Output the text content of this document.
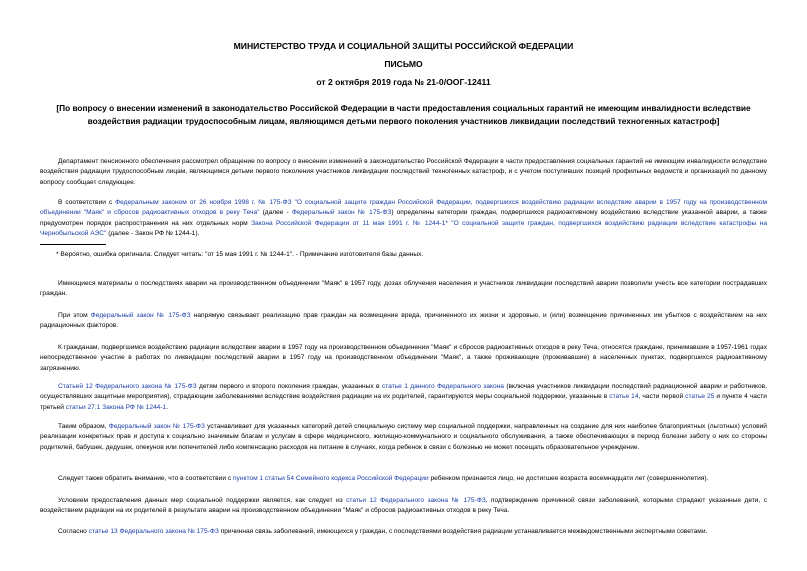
МИНИСТЕРСТВО ТРУДА И СОЦИАЛЬНОЙ ЗАЩИТЫ РОССИЙСКОЙ ФЕДЕРАЦИИ

ПИСЬМО

от 2 октября 2019 года № 21-0/ООГ-12411

[По вопросу о внесении изменений в законодательство Российской Федерации в части предоставления социальных гарантий не имеющим инвалидности вследствие воздействия радиации трудоспособным лицам, являющимся детьми первого поколения участников ликвидации последствий техногенных катастроф]

Департамент пенсионного обеспечения рассмотрел обращение по вопросу о внесении изменений в законодательство Российской Федерации в части предоставления социальных гарантий не имеющим инвалидности вследствие воздействия радиации трудоспособным лицам, являющимся детьми первого поколения участников ликвидации последствий техногенных катастроф, и с учетом поступивших позиций профильных ведомств и организаций по данному вопросу сообщает следующее.

В соответствии с Федеральным законом от 26 ноября 1998 г. № 175-ФЗ "О социальной защите граждан Российской Федерации, подвергшихся воздействию радиации вследствие аварии в 1957 году на производственном объединении "Маяк" и сбросов радиоактивных отходов в реку Теча" (далее - Федеральный закон № 175-ФЗ) определены категории граждан, подвергшихся радиоактивному воздействию вследствие указанной аварии, а также предусмотрен порядок распространения на них отдельных норм Закона Российской Федерации от 11 мая 1991 г. № 1244-1* "О социальной защите граждан, подвергшихся воздействию радиации вследствие катастрофы на Чернобыльской АЭС" (далее - Закон РФ № 1244-1).

* Вероятно, ошибка оригинала. Следует читать: "от 15 мая 1991 г. № 1244-1". - Примечание изготовителя базы данных.

Имеющиеся материалы о последствиях аварии на производственном объединении "Маяк" в 1957 году, дозах облучения населения и участников ликвидации последствий аварии позволили учесть все категории пострадавших граждан.

При этом Федеральный закон № 175-ФЗ напрямую связывает реализацию прав граждан на возмещение вреда, причиненного их жизни и здоровью, и (или) возмещение причиненных им убытков с воздействием на них радиационных факторов.

К гражданам, подвергшимся воздействию радиации вследствие аварии в 1957 году на производственном объединении "Маяк" и сбросов радиоактивных отходов в реку Теча, относятся граждане, принимавшие в 1957-1961 годах непосредственное участие в работах по ликвидации последствий аварии в 1957 году на производственном объединении "Маяк", а также проживающие (проживавшие) в населенных пунктах, подвергшихся радиоактивному загрязнению.

Статьей 12 Федерального закона № 175-ФЗ детям первого и второго поколения граждан, указанных в статье 1 данного Федерального закона (включая участников ликвидации последствий радиационной аварии и работников, осуществлявших защитные мероприятия), страдающим заболеваниями вследствие воздействия радиации на их родителей, гарантируются меры социальной поддержки, указанные в статье 14, части первой статье 25 и пункте 4 части третьей статьи 27.1 Закона РФ № 1244-1.

Таким образом, Федеральный закон № 175-ФЗ устанавливает для указанных категорий детей специальную систему мер социальной поддержки, направленных на создание для них наиболее благоприятных (льготных) условий реализации конкретных прав и доступа к социально значимым благам и услугам в сфере медицинского, жилищно-коммунального и социального обслуживания, а также обеспечивающих в период болезни заботу о них со стороны родителей, бабушек, дедушек, опекунов или попечителей либо компенсацию расходов на питание в случаях, когда ребенок в связи с болезнью не может посещать образовательное учреждение.

Следует также обратить внимание, что в соответствии с пунктом 1 статьи 54 Семейного кодекса Российской Федерации ребенком признается лицо, не достигшее возраста восемнадцати лет (совершеннолетия).

Условием предоставления данных мер социальной поддержки является, как следует из статьи 12 Федерального закона № 175-ФЗ, подтверждение причинной связи заболеваний, которыми страдают указанные дети, с воздействием радиации на их родителей в результате аварии на производственном объединении "Маяк" и сбросов радиоактивных отходов в реку Теча.

Согласно статье 13 Федерального закона № 175-ФЗ причинная связь заболеваний, имеющихся у граждан, с последствиями воздействия радиации устанавливается межведомственными экспертными советами.
